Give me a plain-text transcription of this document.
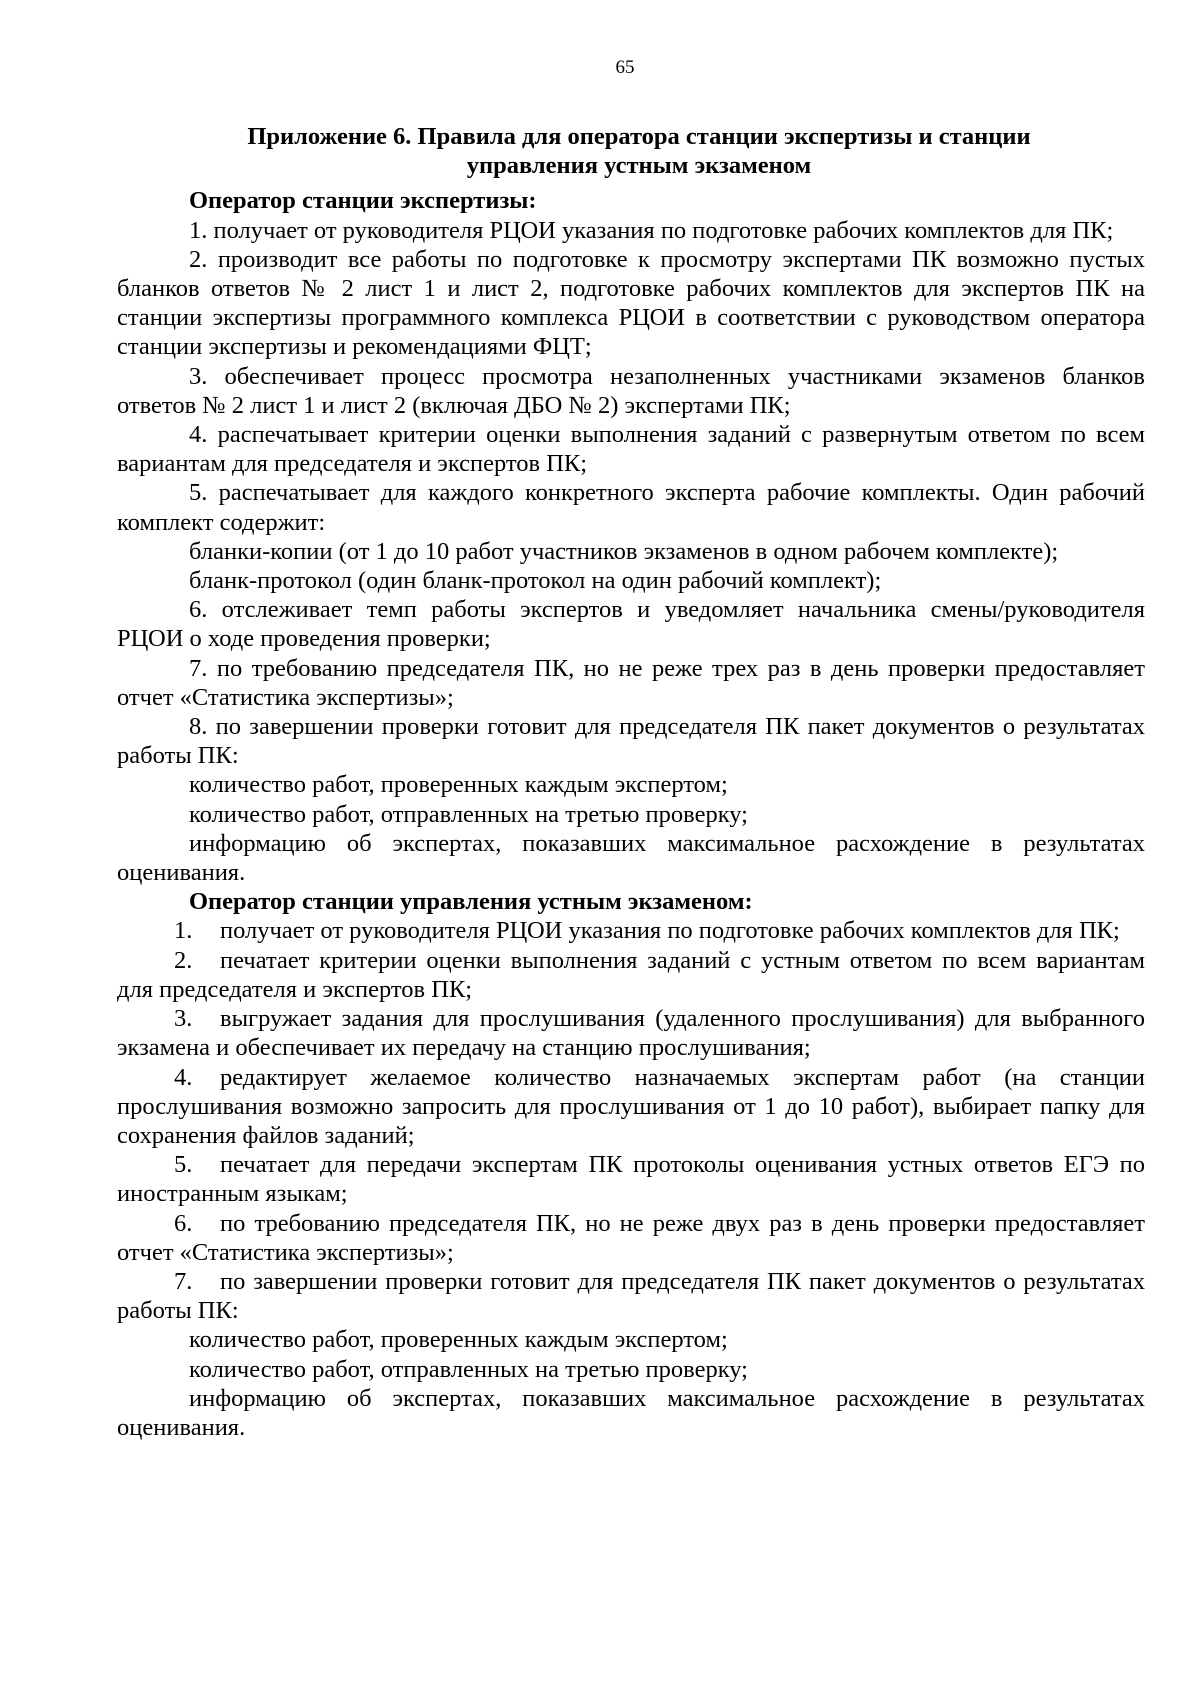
65

Приложение 6. Правила для оператора станции экспертизы и станции
управления устным экзаменом

Оператор станции экспертизы:

1. получает от руководителя РЦОИ указания по подготовке рабочих комплектов для ПК;

2. производит все работы по подготовке к просмотру экспертами ПК возможно пустых бланков ответов № 2 лист 1 и лист 2, подготовке рабочих комплектов для экспертов ПК на станции экспертизы программного комплекса РЦОИ в соответствии с руководством оператора станции экспертизы и рекомендациями ФЦТ;

3. обеспечивает процесс просмотра незаполненных участниками экзаменов бланков ответов № 2 лист 1 и лист 2 (включая ДБО № 2) экспертами ПК;

4. распечатывает критерии оценки выполнения заданий с развернутым ответом по всем вариантам для председателя и экспертов ПК;

5. распечатывает для каждого конкретного эксперта рабочие комплекты. Один рабочий комплект содержит:

бланки-копии (от 1 до 10 работ участников экзаменов в одном рабочем комплекте);

бланк-протокол (один бланк-протокол на один рабочий комплект);

6. отслеживает темп работы экспертов и уведомляет начальника смены/руководителя РЦОИ о ходе проведения проверки;

7. по требованию председателя ПК, но не реже трех раз в день проверки предоставляет отчет «Статистика экспертизы»;

8. по завершении проверки готовит для председателя ПК пакет документов о результатах работы ПК:

количество работ, проверенных каждым экспертом;

количество работ, отправленных на третью проверку;

информацию об экспертах, показавших максимальное расхождение в результатах оценивания.

Оператор станции управления устным экзаменом:

1. получает от руководителя РЦОИ указания по подготовке рабочих комплектов для ПК;

2. печатает критерии оценки выполнения заданий с устным ответом по всем вариантам для председателя и экспертов ПК;

3. выгружает задания для прослушивания (удаленного прослушивания) для выбранного экзамена и обеспечивает их передачу на станцию прослушивания;

4. редактирует желаемое количество назначаемых экспертам работ (на станции прослушивания возможно запросить для прослушивания от 1 до 10 работ), выбирает папку для сохранения файлов заданий;

5. печатает для передачи экспертам ПК протоколы оценивания устных ответов ЕГЭ по иностранным языкам;

6. по требованию председателя ПК, но не реже двух раз в день проверки предоставляет отчет «Статистика экспертизы»;

7. по завершении проверки готовит для председателя ПК пакет документов о результатах работы ПК:

количество работ, проверенных каждым экспертом;

количество работ, отправленных на третью проверку;

информацию об экспертах, показавших максимальное расхождение в результатах оценивания.
